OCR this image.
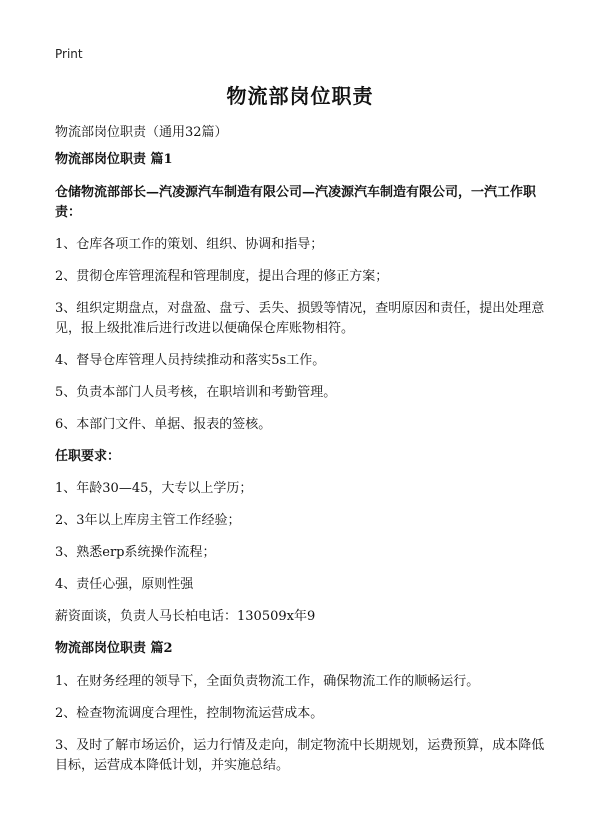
Print
物流部岗位职责
物流部岗位职责（通用32篇）

物流部岗位职责 篇1

仓储物流部部长—汽凌源汽车制造有限公司—汽凌源汽车制造有限公司，一汽工作职责：

1、仓库各项工作的策划、组织、协调和指导；

2、贯彻仓库管理流程和管理制度，提出合理的修正方案；

3、组织定期盘点，对盘盈、盘亏、丢失、损毁等情况，查明原因和责任，提出处理意见，报上级批准后进行改进以便确保仓库账物相符。

4、督导仓库管理人员持续推动和落实5s工作。

5、负责本部门人员考核，在职培训和考勤管理。

6、本部门文件、单据、报表的签核。

任职要求：

1、年龄30—45，大专以上学历；

2、3年以上库房主管工作经验；

3、熟悉erp系统操作流程；

4、责任心强，原则性强

薪资面谈，负责人马长柏电话：130509x年9

物流部岗位职责 篇2

1、在财务经理的领导下，全面负责物流工作，确保物流工作的顺畅运行。

2、检查物流调度合理性，控制物流运营成本。

3、及时了解市场运价，运力行情及走向，制定物流中长期规划，运费预算，成本降低目标，运营成本降低计划，并实施总结。
